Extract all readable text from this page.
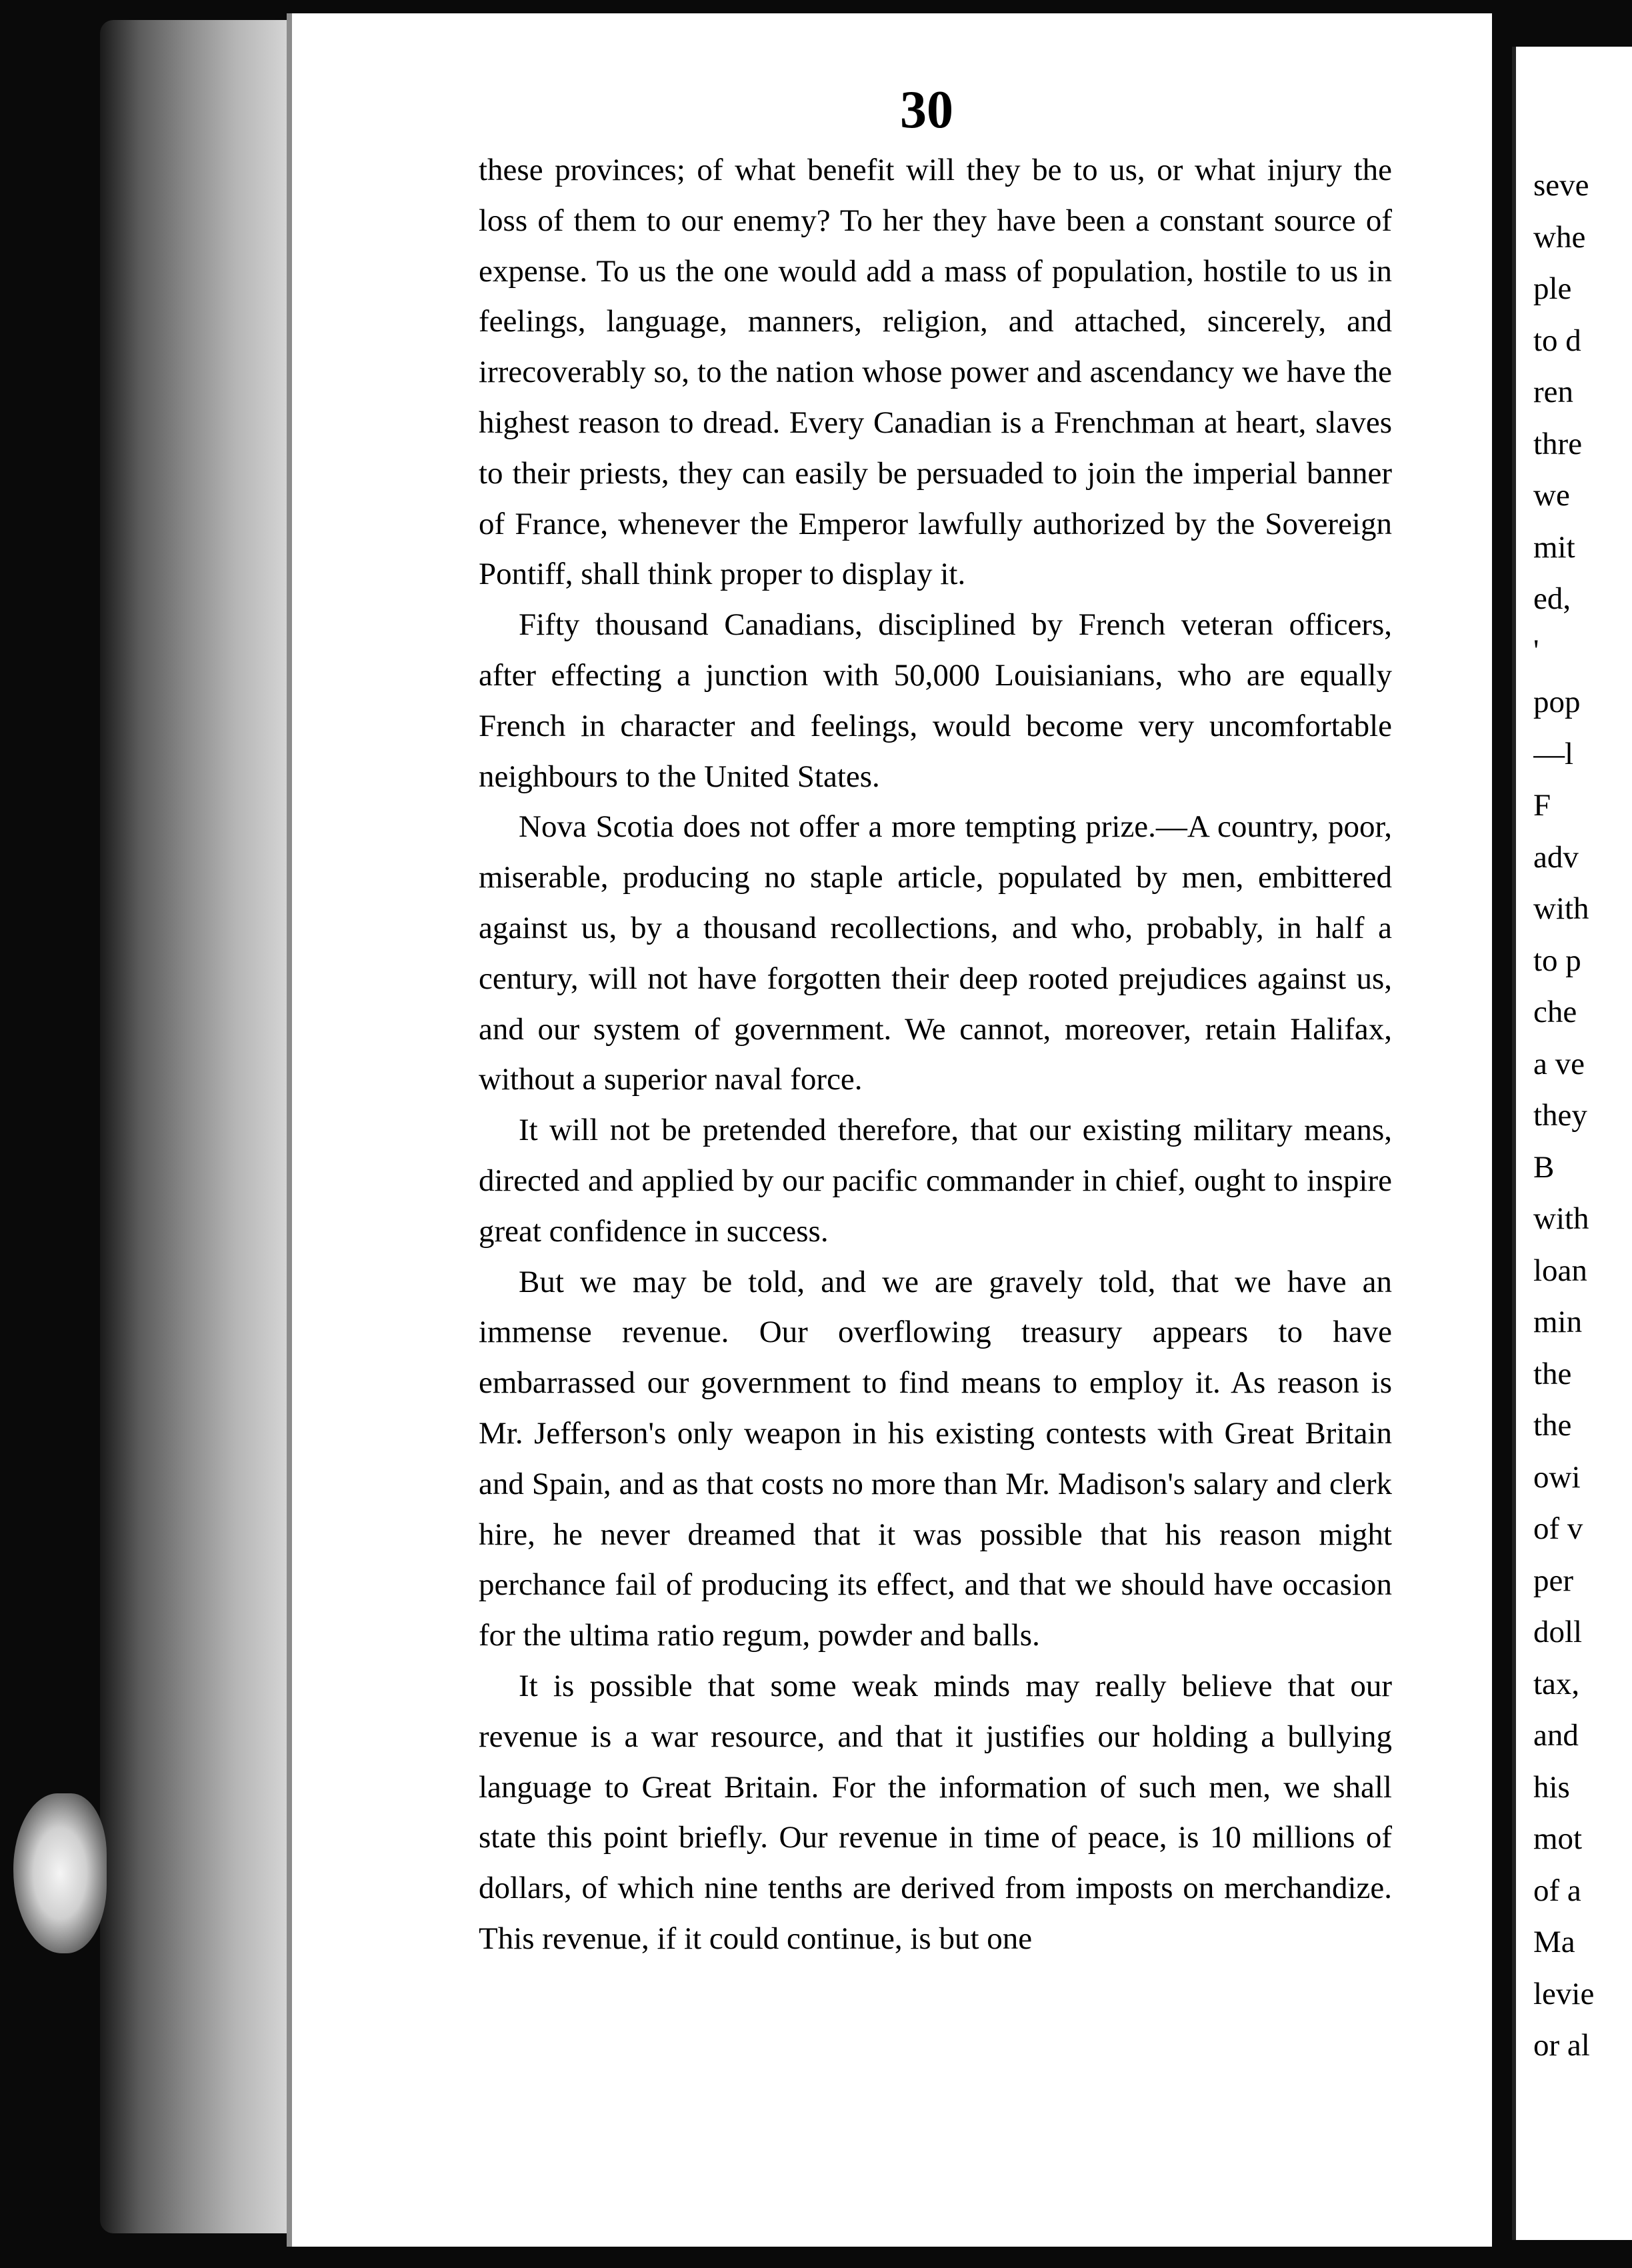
30

these provinces; of what benefit will they be to us, or what injury the loss of them to our enemy? To her they have been a constant source of expense. To us the one would add a mass of population, hostile to us in feelings, language, manners, religion, and attached, sincerely, and irrecoverably so, to the nation whose power and ascendancy we have the highest reason to dread. Every Canadian is a Frenchman at heart, slaves to their priests, they can easily be persuaded to join the imperial banner of France, whenever the Emperor lawfully authorized by the Sovereign Pontiff, shall think proper to display it.

Fifty thousand Canadians, disciplined by French veteran officers, after effecting a junction with 50,000 Louisianians, who are equally French in character and feelings, would become very uncomfortable neighbours to the United States.

Nova Scotia does not offer a more tempting prize.—A country, poor, miserable, producing no staple article, populated by men, embittered against us, by a thousand recollections, and who, probably, in half a century, will not have forgotten their deep rooted prejudices against us, and our system of government. We cannot, moreover, retain Halifax, without a superior naval force.

It will not be pretended therefore, that our existing military means, directed and applied by our pacific commander in chief, ought to inspire great confidence in success.

But we may be told, and we are gravely told, that we have an immense revenue. Our overflowing treasury appears to have embarrassed our government to find means to employ it. As reason is Mr. Jefferson's only weapon in his existing contests with Great Britain and Spain, and as that costs no more than Mr. Madison's salary and clerk hire, he never dreamed that it was possible that his reason might perchance fail of producing its effect, and that we should have occasion for the ultima ratio regum, powder and balls.

It is possible that some weak minds may really believe that our revenue is a war resource, and that it justifies our holding a bullying language to Great Britain. For the information of such men, we shall state this point briefly. Our revenue in time of peace, is 10 millions of dollars, of which nine tenths are derived from imposts on merchandize. This revenue, if it could continue, is but one

seve
whe
ple
to d
ren
thre
we
mit
ed,
'
pop
—l
F
adv
with
to p
che
a ve
they
B
with
loan
min
the
the
owi
of v
per
doll
tax,
and
his
mot
of a
Ma
levie
or al
